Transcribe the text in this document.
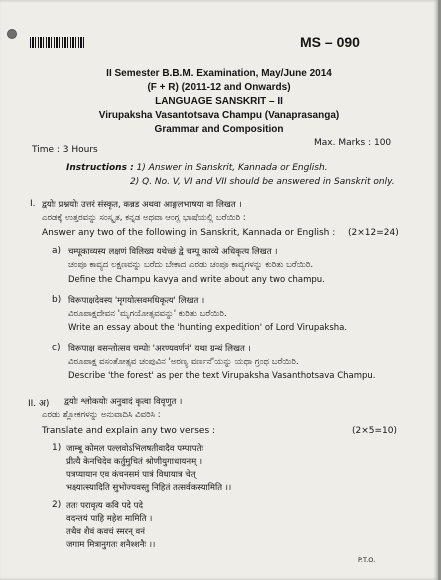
MS – 090
II Semester B.B.M. Examination, May/June 2014
(F + R) (2011-12 and Onwards)
LANGUAGE SANSKRIT – II
Virupaksha Vasantotsava Champu (Vanaprasanga)
Grammar and Composition
Time : 3 Hours
Max. Marks : 100
Instructions : 1) Answer in Sanskrit, Kannada or English.
2) Q. No. V, VI and VII should be answered in Sanskrit only.
I. द्वयोः प्रश्नयोः उत्तरं संस्कृत, कन्नड अथवा आङ्गलभाषया वा लिखत ।
ಎರಡಕ್ಕೆ ಉತ್ತರವನ್ನು ಸಂಸ್ಕೃತ, ಕನ್ನಡ ಅಥವಾ ಆಂಗ್ಲ ಭಾಷೆಯಲ್ಲಿ ಬರೆಯಿರಿ :
Answer any two of the following in Sanskrit, Kannada or English : (2×12=24)
a) चम्पूकाव्यस्य लक्षणं विलिख्य यथेच्छं द्वे चम्पू काव्ये अधिकृत्य लिखत ।
ಚಂಪೂ ಕಾವ್ಯದ ಲಕ್ಷಣವನ್ನು ಬರೆದು ಬೇಕಾದ ಎರಡು ಚಂಪೂ ಕಾವ್ಯಗಳನ್ನು ಕುರಿತು ಬರೆಯಿರಿ.
Define the Champu kavya and write about any two champu.
b) विरूपाक्षदेवस्य 'मृगयोत्सवमधिकृत्य' लिखत ।
ವಿರೂಪಾಕ್ಷದೇವನ 'ಮೃಗಯೋತ್ಸವವನ್ನು' ಕುರಿತು ಬರೆಯಿರಿ.
Write an essay about the 'hunting expedition' of Lord Virupaksha.
c) विरूपाक्ष वसन्तोत्सव चम्पोः 'अरण्यवर्णनं' यथा ग्रन्थं लिखत ।
ವಿರೂಪಾಕ್ಷ ವಸಂತೋತ್ಸವ ಚಂಪುವಿನ 'ಅರಣ್ಯ ವರ್ಣನೆ'ಯನ್ನು ಯಥಾ ಗ್ರಂಥ ಬರೆಯಿರಿ.
Describe 'the forest' as per the text Virupaksha Vasanthotsava Champu.
II. अ) द्वयोः श्लोकयोः अनुवादं कृत्वा विवृणुत ।
ಎರಡು ಶ್ಲೋಕಗಳನ್ನು ಅನುವಾದಿಸಿ ವಿವರಿಸಿ :
Translate and explain any two verses :	(2×5=10)
1) जाम्बू कोमल पल्लवोऽभिलषतीवादैव पम्पापतेः
प्रीत्यै केनचिदेव कर्तुमुचितं श्रोणीयुगाधायनम् ।
पत्रप्यायान एव कंचनसमं पात्रं विधायात्र चेत्
भक्ष्यात्स्यादिति सुभोज्यवस्तु निहितं तत्सर्वकस्यामिति ।।
2) ततः परावृत्य कवि पदे पदे
वदन्तयं पाहि महेश मामिति ।
तथैव शैवं कवचं स्मरन् वनं
जगाम मित्रानुगतः शनैश्शनैः ।।
P.T.O.
